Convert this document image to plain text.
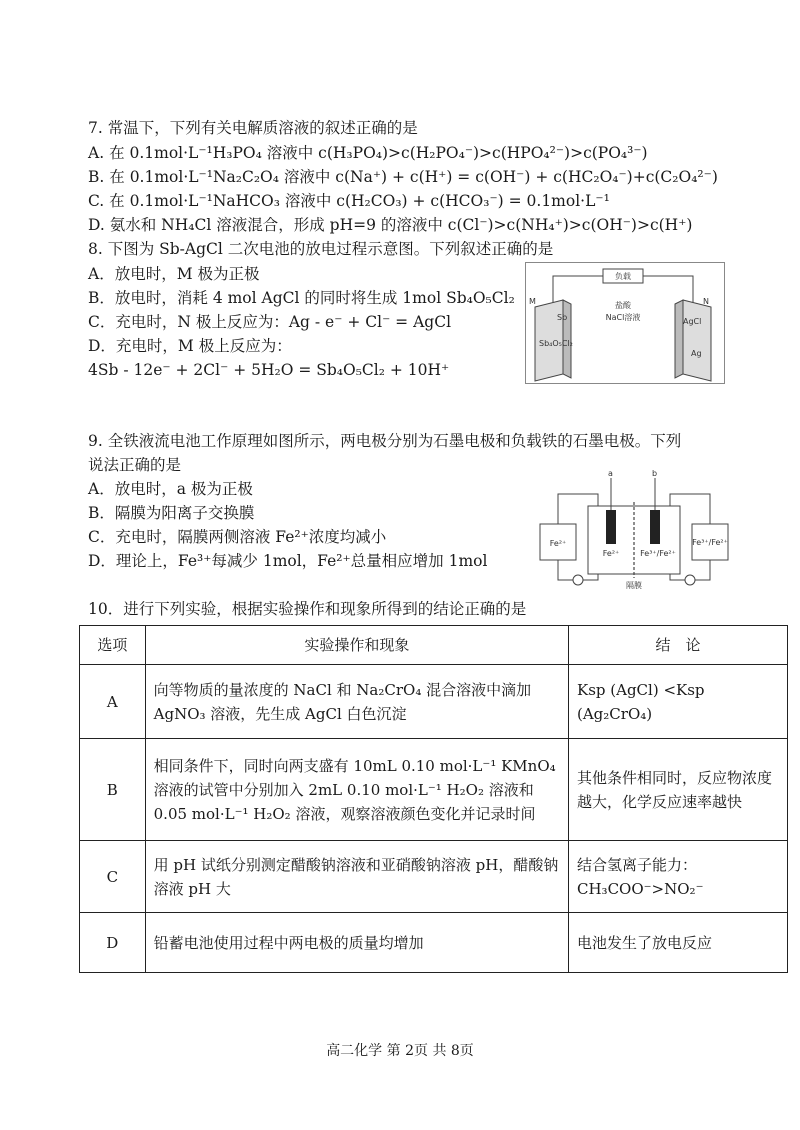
7. 常温下，下列有关电解质溶液的叙述正确的是
A. 在 0.1mol·L⁻¹H₃PO₄ 溶液中 c(H₃PO₄)>c(H₂PO₄⁻)>c(HPO₄²⁻)>c(PO₄³⁻)
B. 在 0.1mol·L⁻¹Na₂C₂O₄ 溶液中 c(Na⁺) + c(H⁺) = c(OH⁻) + c(HC₂O₄⁻)+c(C₂O₄²⁻)
C. 在 0.1mol·L⁻¹NaHCO₃ 溶液中 c(H₂CO₃) + c(HCO₃⁻) = 0.1mol·L⁻¹
D. 氨水和 NH₄Cl 溶液混合，形成 pH=9 的溶液中 c(Cl⁻)>c(NH₄⁺)>c(OH⁻)>c(H⁺)
8. 下图为 Sb-AgCl 二次电池的放电过程示意图。下列叙述正确的是
A．放电时，M 极为正极
B．放电时，消耗 4 mol AgCl 的同时将生成 1mol Sb₄O₅Cl₂
C．充电时，N 极上反应为：Ag - e⁻ + Cl⁻ = AgCl
D．充电时，M 极上反应为：
4Sb - 12e⁻ + 2Cl⁻ + 5H₂O = Sb₄O₅Cl₂ + 10H⁺
负载
M
Sb
Sb₄O₅Cl₂
N
AgCl
Ag
盐酸
NaCl溶液
9. 全铁液流电池工作原理如图所示，两电极分别为石墨电极和负载铁的石墨电极。下列
说法正确的是
A．放电时，a 极为正极
B．隔膜为阳离子交换膜
C．充电时，隔膜两侧溶液 Fe²⁺浓度均减小
D．理论上，Fe³⁺每减少 1mol，Fe²⁺总量相应增加 1mol
Fe²⁺	Fe³⁺/Fe²⁺
a	b
Fe²⁺	Fe³⁺/Fe²⁺
隔膜
10．进行下列实验，根据实验操作和现象所得到的结论正确的是
选项	实验操作和现象	结　论
A	向等物质的量浓度的 NaCl 和 Na₂CrO₄ 混合溶液中滴加 AgNO₃ 溶液，先生成 AgCl 白色沉淀	Ksp (AgCl) <Ksp (Ag₂CrO₄)
B	相同条件下，同时向两支盛有 10mL 0.10 mol·L⁻¹ KMnO₄ 溶液的试管中分别加入 2mL 0.10 mol·L⁻¹ H₂O₂ 溶液和 0.05 mol·L⁻¹ H₂O₂ 溶液，观察溶液颜色变化并记录时间	其他条件相同时，反应物浓度越大，化学反应速率越快
C	用 pH 试纸分别测定醋酸钠溶液和亚硝酸钠溶液 pH，醋酸钠溶液 pH 大	结合氢离子能力：CH₃COO⁻>NO₂⁻
D	铅蓄电池使用过程中两电极的质量均增加	电池发生了放电反应
高二化学 第 2页 共 8页
